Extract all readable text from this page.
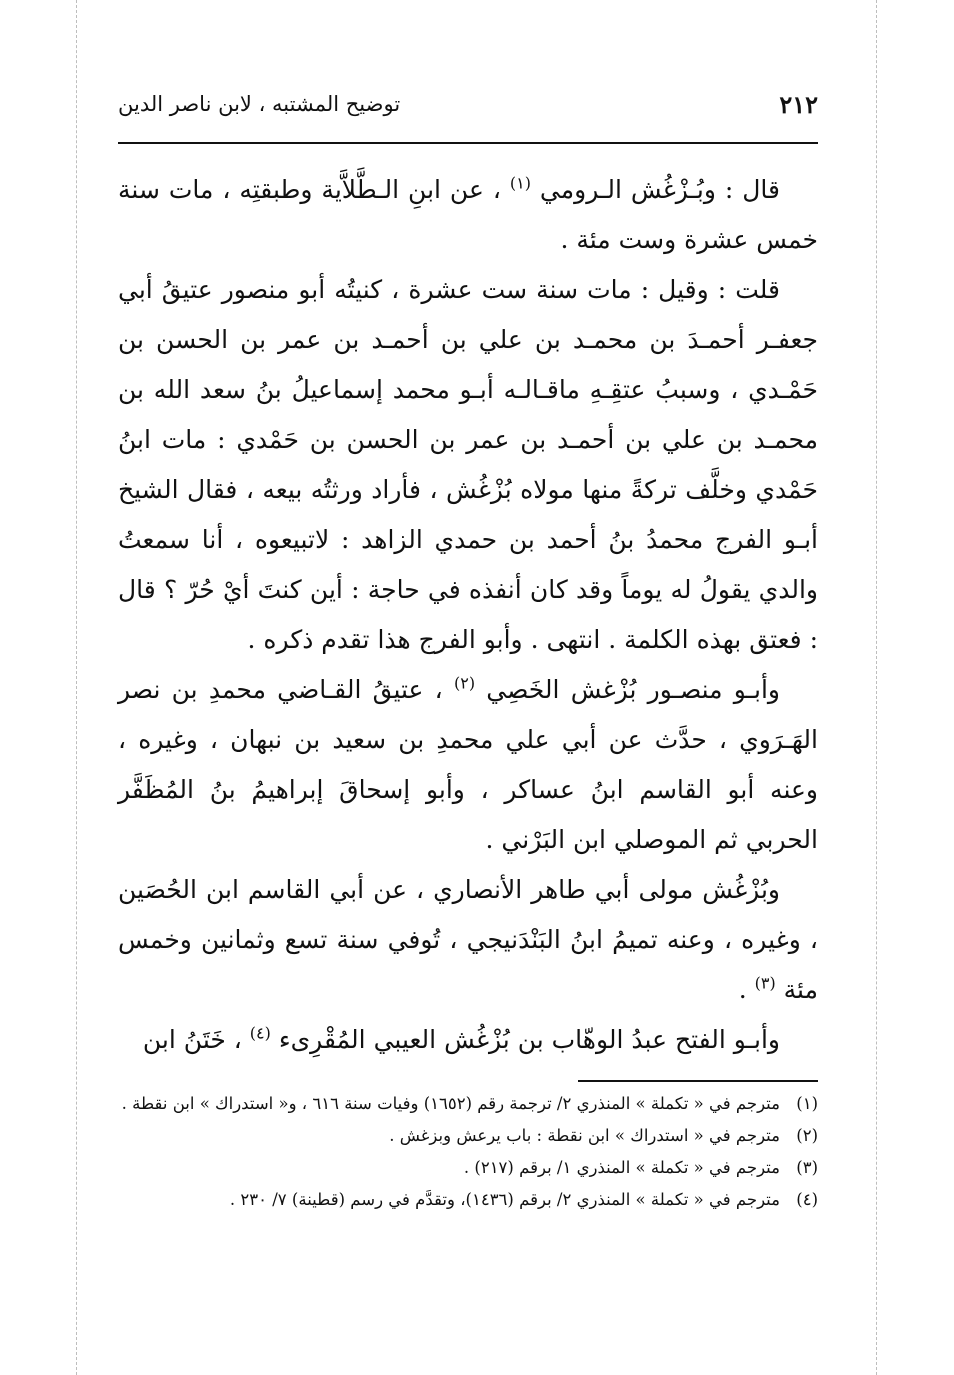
٢١٢
توضيح المشتبه ، لابن ناصر الدين

قال : وبُـزْغُش الـرومي $^{(١)}$ ، عن ابنِ الـطَّلاَّية وطبقتِه ، مات سنة خمس عشرة وست مئة .

قلت : وقيل : مات سنة ست عشرة ، كنيتُه أبو منصور عتيقُ أبي جعفـر أحمـدَ بن محمـد بن علي بن أحمـد بن عمر بن الحسن بن حَمْـدي ، وسببُ عتقِـهِ ماقـالـه أبـو محمد إسماعيلُ بنُ سعد الله بن محمـد بن علي بن أحمـد بن عمر بن الحسن بن حَمْدي : مات ابنُ حَمْدي وخلَّف تركةً منها مولاه بُزْغُش ، فأراد ورثتُه بيعه ، فقال الشيخ أبـو الفرج محمدُ بنُ أحمد بن حمدي الزاهد : لاتبيعوه ، أنا سمعتُ والدي يقولُ له يوماً وقد كان أنفذه في حاجة : أين كنتَ أيْ حُرّ ؟ قال : فعتق بهذه الكلمة . انتهى . وأبو الفرج هذا تقدم ذكره .

وأبـو منصـور بُزْغش الخَصِي $^{(٢)}$ ، عتيقُ القـاضي محمدِ بن نصر الهَـرَوي ، حدَّث عن أبي علي محمدِ بن سعيد بن نبهان ، وغيره ، وعنه أبو القاسم ابنُ عساكر ، وأبو إسحاقَ إبراهيمُ بنُ المُظَفَّر الحربي ثم الموصلي ابن البَرْني .

وبُزْغُش مولى أبي طاهر الأنصاري ، عن أبي القاسم ابن الحُصَين ، وغيره ، وعنه تميمُ ابنُ البَنْدَنيجي ، تُوفي سنة تسع وثمانين وخمس مئة $^{(٣)}$ .

وأبـو الفتح عبدُ الوهّاب بن بُزْغُش العيبي المُقْرِىء $^{(٤)}$ ، خَتَنُ ابن

(١)
مترجم في « تكملة » المنذري ٢/ ترجمة رقم (١٦٥٢) وفيات سنة ٦١٦ ، و« استدراك » ابن نقطة .

(٢)
مترجم في « استدراك » ابن نقطة : باب يرعش وبزغش .

(٣)
مترجم في « تكملة » المنذري ١/ برقم (٢١٧) .

(٤)
مترجم في « تكملة » المنذري ٢/ برقم (١٤٣٦)، وتقدَّم في رسم (قطينة) ٧/ ٢٣٠ .
